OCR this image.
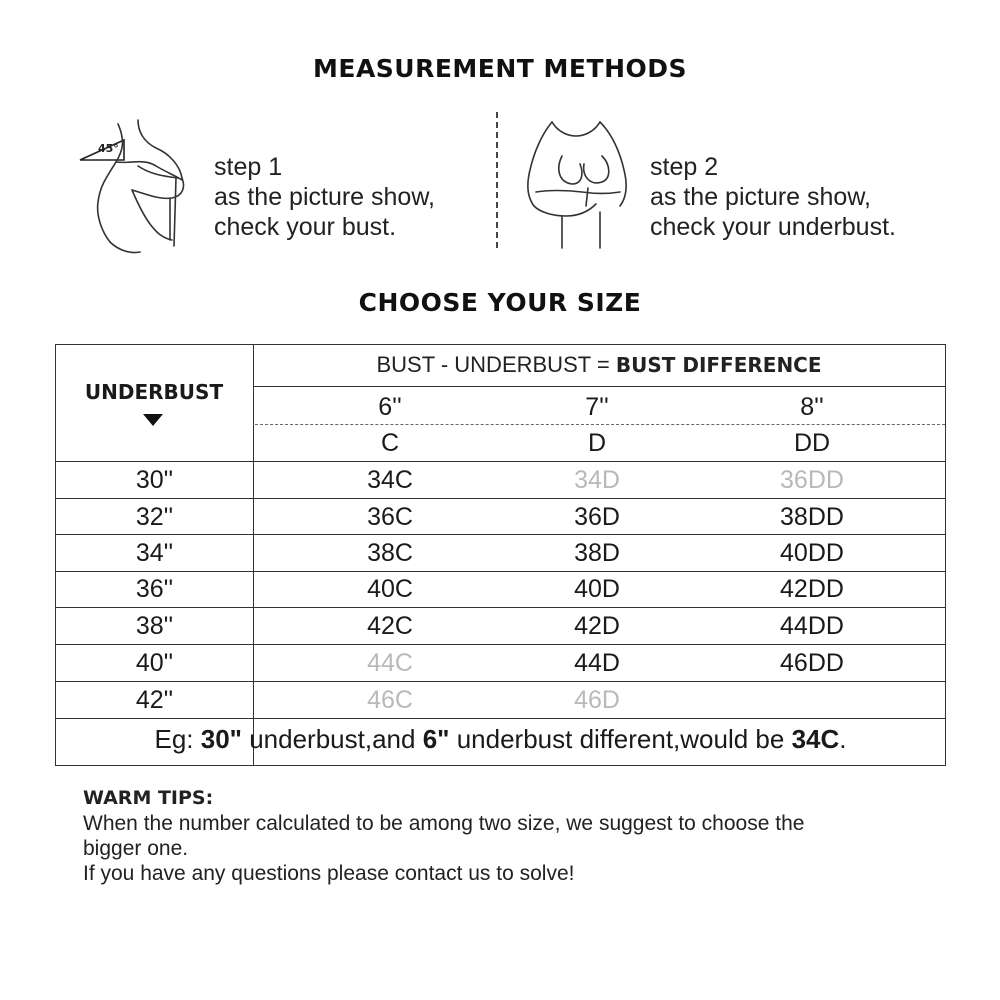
MEASUREMENT METHODS
45°
step 1
as the picture show,
check your bust.
step 2
as the picture show,
check your underbust.
CHOOSE YOUR SIZE
UNDERBUST
BUST - UNDERBUST = BUST DIFFERENCE
6''	7''	8''
C	D	DD
30''	34C	34D	36DD
32''	36C	36D	38DD
34''	38C	38D	40DD
36''	40C	40D	42DD
38''	42C	42D	44DD
40''	44C	44D	46DD
42''	46C	46D
Eg: 30" underbust,and 6" underbust different,would be 34C.
WARM TIPS:
When the number calculated to be among two size, we suggest to choose the
bigger one.
If you have any questions please contact us to solve!
